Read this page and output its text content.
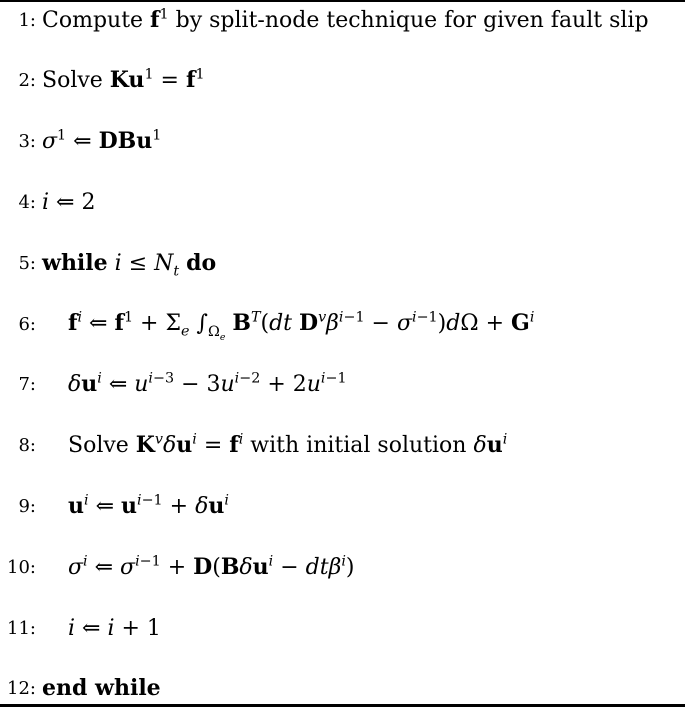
1: Compute $f^1$ by split-node technique for given fault slip
2: Solve $Ku^1 = f^1$
3: $\sigma^1$ ⇐ DBu$^1$
4: i ⇐ 2
5: while $i \le N_t$ do
6:	$f^i$ ⇐ $f^1 + \Sigma_e$ $\int_{\Omega_e}$ $B^T(dt$ $D^v\beta^{i-1} - \sigma^{i-1})d\Omega + G^i$
7:	$\delta u^i$ ⇐ $u^{i-3} - 3u^{i-2} + 2u^{i-1}$
8:	Solve $K^v\delta u^i = f^i$ with initial solution $\delta u^i$
9:	$u^i$ ⇐ $u^{i-1} + \delta u^i$
10:	$\sigma^i$ ⇐ $\sigma^{i-1} + D(B\delta u^i - dt\beta^i)$
11:	i ⇐ i + 1
12: end while
